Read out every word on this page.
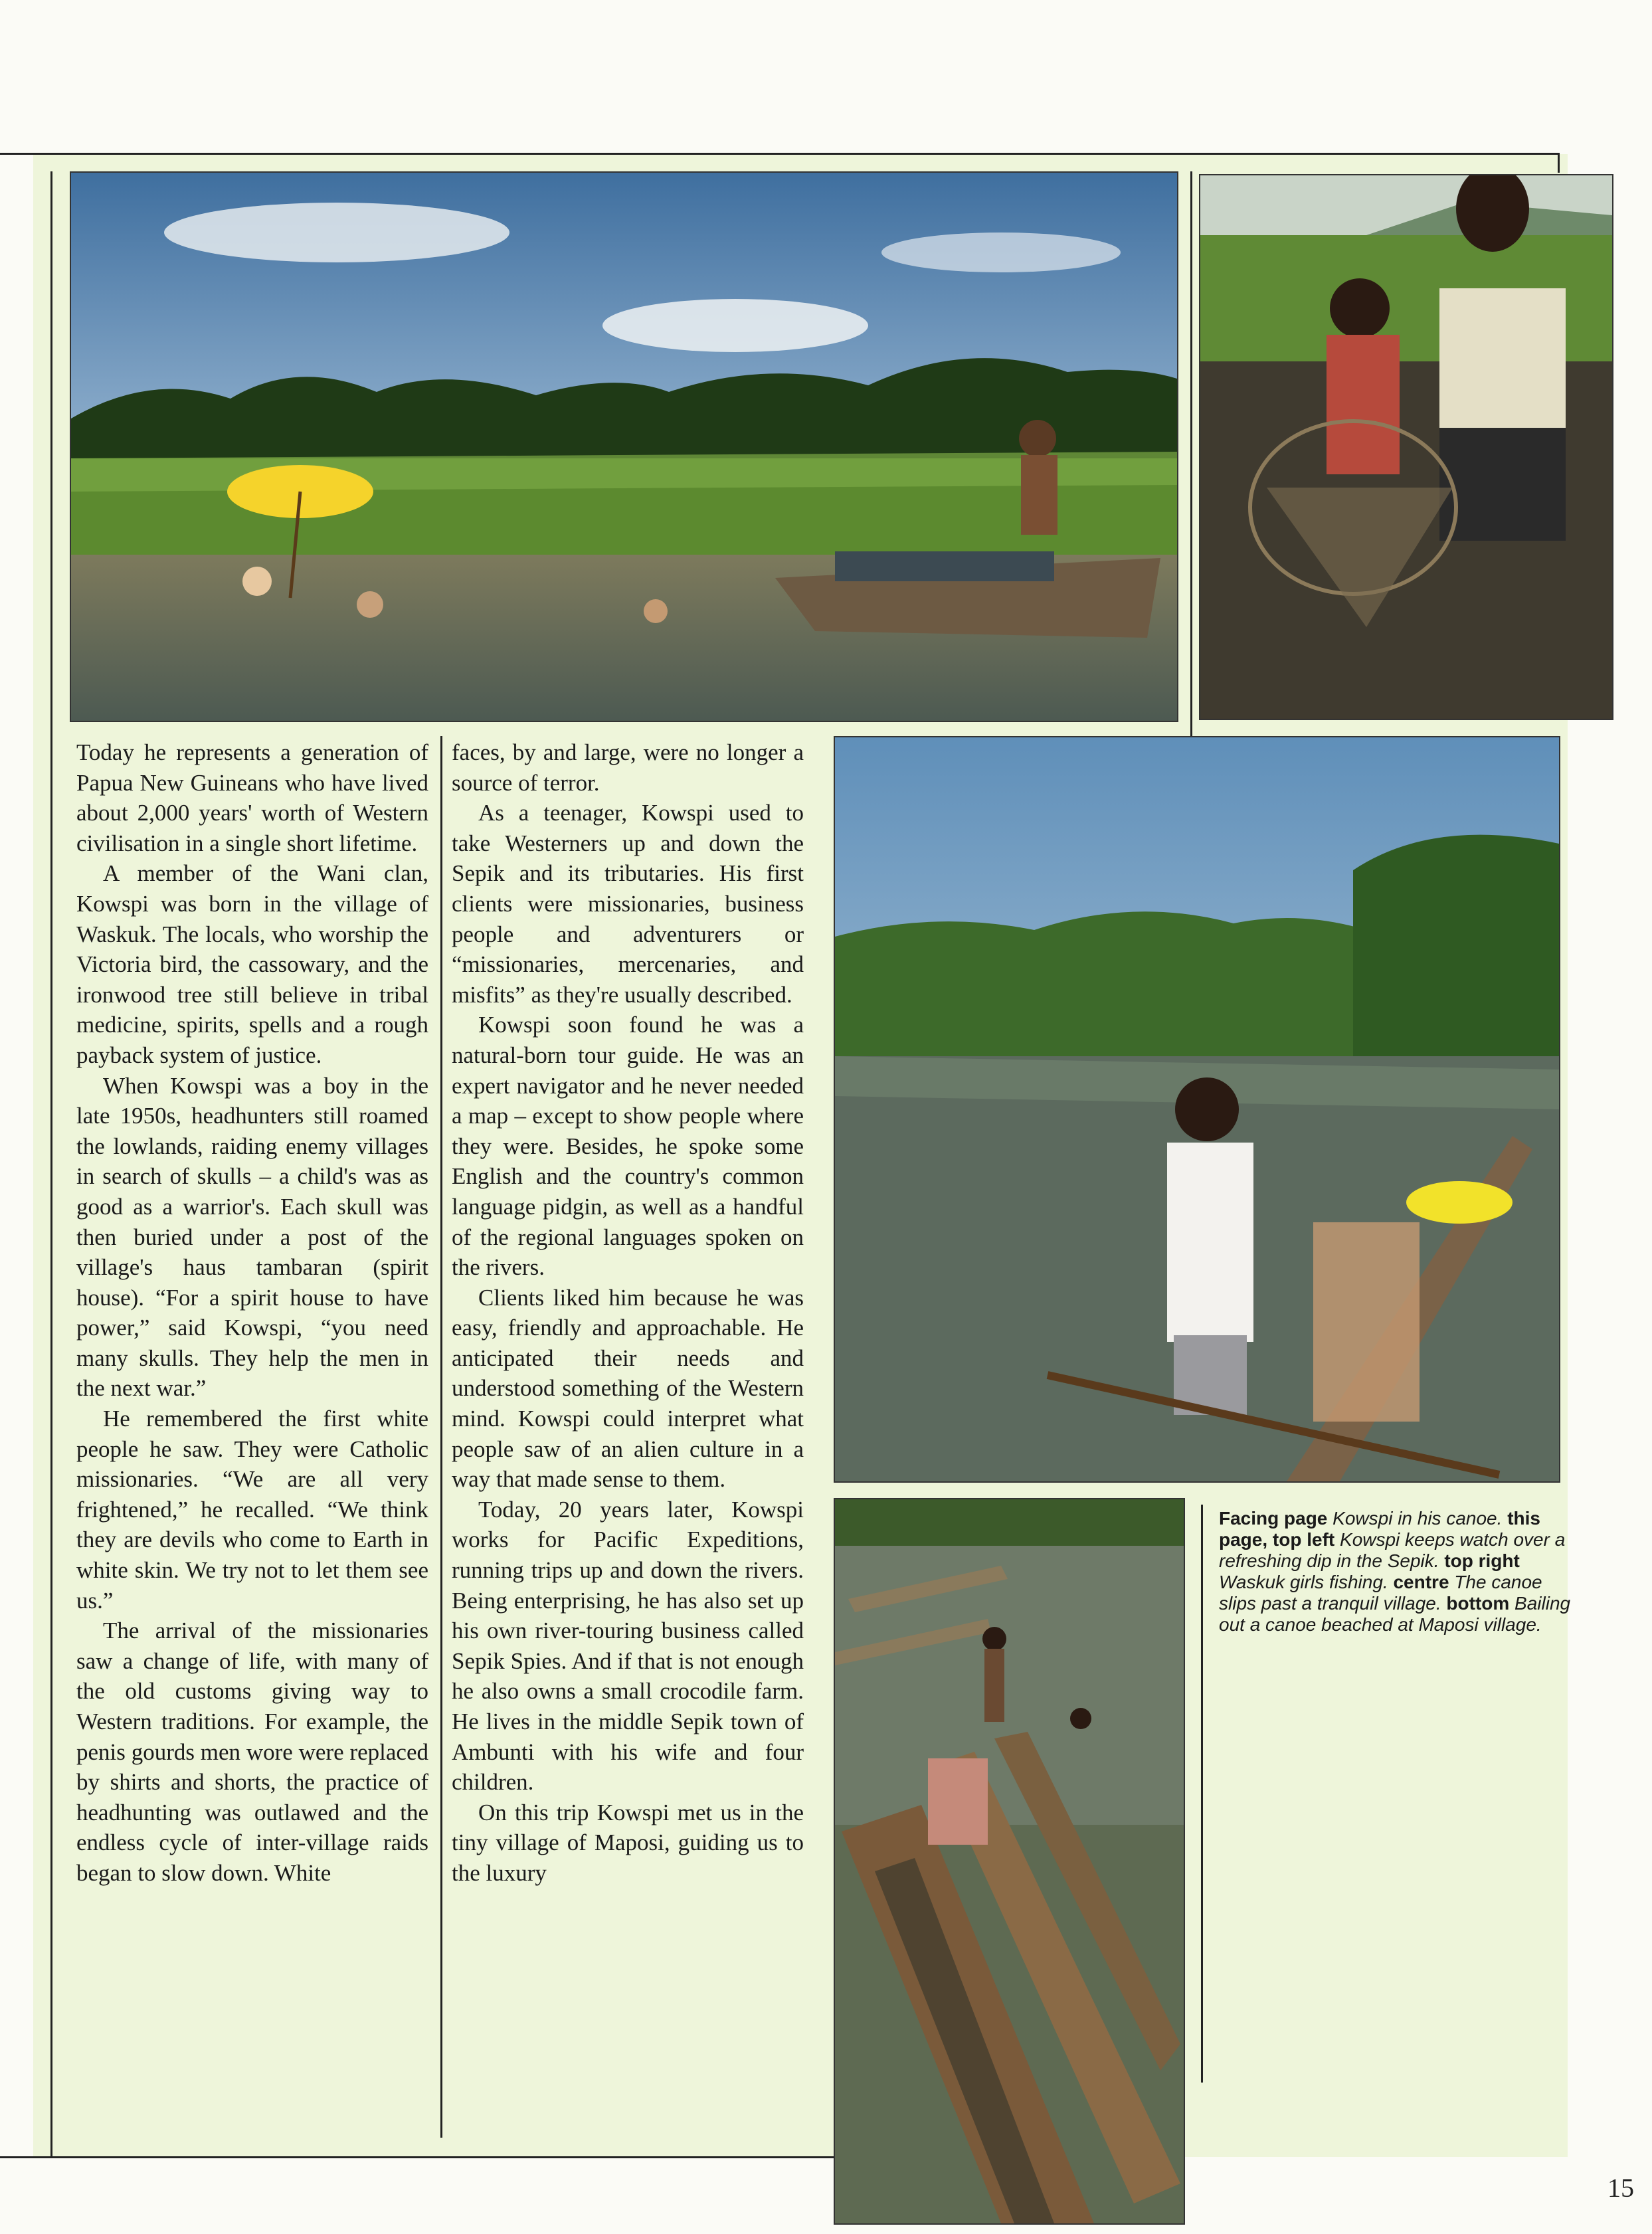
Today he represents a generation of Papua New Guineans who have lived about 2,000 years' worth of Western civilisation in a single short lifetime.

A member of the Wani clan, Kowspi was born in the village of Waskuk. The locals, who worship the Victoria bird, the cassowary, and the ironwood tree still believe in tribal medicine, spirits, spells and a rough payback system of justice.

When Kowspi was a boy in the late 1950s, headhunters still roamed the lowlands, raiding enemy villages in search of skulls – a child's was as good as a warrior's. Each skull was then buried under a post of the village's haus tambaran (spirit house). “For a spirit house to have power,” said Kowspi, “you need many skulls. They help the men in the next war.”

He remembered the first white people he saw. They were Catholic missionaries. “We are all very frightened,” he recalled. “We think they are devils who come to Earth in white skin. We try not to let them see us.”

The arrival of the missionaries saw a change of life, with many of the old customs giving way to Western traditions. For example, the penis gourds men wore were replaced by shirts and shorts, the practice of headhunting was outlawed and the endless cycle of inter-village raids began to slow down. White

faces, by and large, were no longer a source of terror.

As a teenager, Kowspi used to take Westerners up and down the Sepik and its tributaries. His first clients were missionaries, business people and adventurers or “missionaries, mercenaries, and misfits” as they're usually described.

Kowspi soon found he was a natural-born tour guide. He was an expert navigator and he never needed a map – except to show people where they were. Besides, he spoke some English and the country's common language pidgin, as well as a handful of the regional languages spoken on the rivers.

Clients liked him because he was easy, friendly and approachable. He anticipated their needs and understood something of the Western mind. Kowspi could interpret what people saw of an alien culture in a way that made sense to them.

Today, 20 years later, Kowspi works for Pacific Expeditions, running trips up and down the rivers. Being enterprising, he has also set up his own river-touring business called Sepik Spies. And if that is not enough he also owns a small crocodile farm. He lives in the middle Sepik town of Ambunti with his wife and four children.

On this trip Kowspi met us in the tiny village of Maposi, guiding us to the luxury

Facing page Kowspi in his canoe. this page, top left Kowspi keeps watch over a refreshing dip in the Sepik. top right Waskuk girls fishing. centre The canoe slips past a tranquil village. bottom Bailing out a canoe beached at Maposi village.
15
